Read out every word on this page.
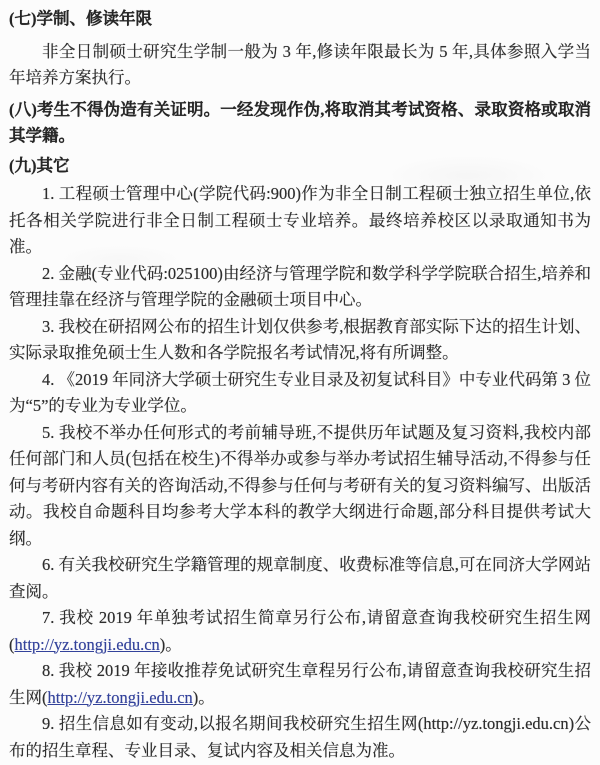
(七)学制、修读年限

非全日制硕士研究生学制一般为 3 年,修读年限最长为 5 年,具体参照入学当年培养方案执行。

(八)考生不得伪造有关证明。一经发现作伪,将取消其考试资格、录取资格或取消其学籍。

(九)其它

1. 工程硕士管理中心(学院代码:900)作为非全日制工程硕士独立招生单位,依托各相关学院进行非全日制工程硕士专业培养。最终培养校区以录取通知书为准。

2. 金融(专业代码:025100)由经济与管理学院和数学科学学院联合招生,培养和管理挂靠在经济与管理学院的金融硕士项目中心。

3. 我校在研招网公布的招生计划仅供参考,根据教育部实际下达的招生计划、实际录取推免硕士生人数和各学院报名考试情况,将有所调整。

4. 《2019 年同济大学硕士研究生专业目录及初复试科目》中专业代码第 3 位为“5”的专业为专业学位。

5. 我校不举办任何形式的考前辅导班,不提供历年试题及复习资料,我校内部任何部门和人员(包括在校生)不得举办或参与举办考试招生辅导活动,不得参与任何与考研内容有关的咨询活动,不得参与任何与考研有关的复习资料编写、出版活动。我校自命题科目均参考大学本科的教学大纲进行命题,部分科目提供考试大纲。

6. 有关我校研究生学籍管理的规章制度、收费标准等信息,可在同济大学网站查阅。

7. 我校 2019 年单独考试招生简章另行公布,请留意查询我校研究生招生网(http://yz.tongji.edu.cn)。

8. 我校 2019 年接收推荐免试研究生章程另行公布,请留意查询我校研究生招生网(http://yz.tongji.edu.cn)。

9. 招生信息如有变动,以报名期间我校研究生招生网(http://yz.tongji.edu.cn)公布的招生章程、专业目录、复试内容及相关信息为准。
